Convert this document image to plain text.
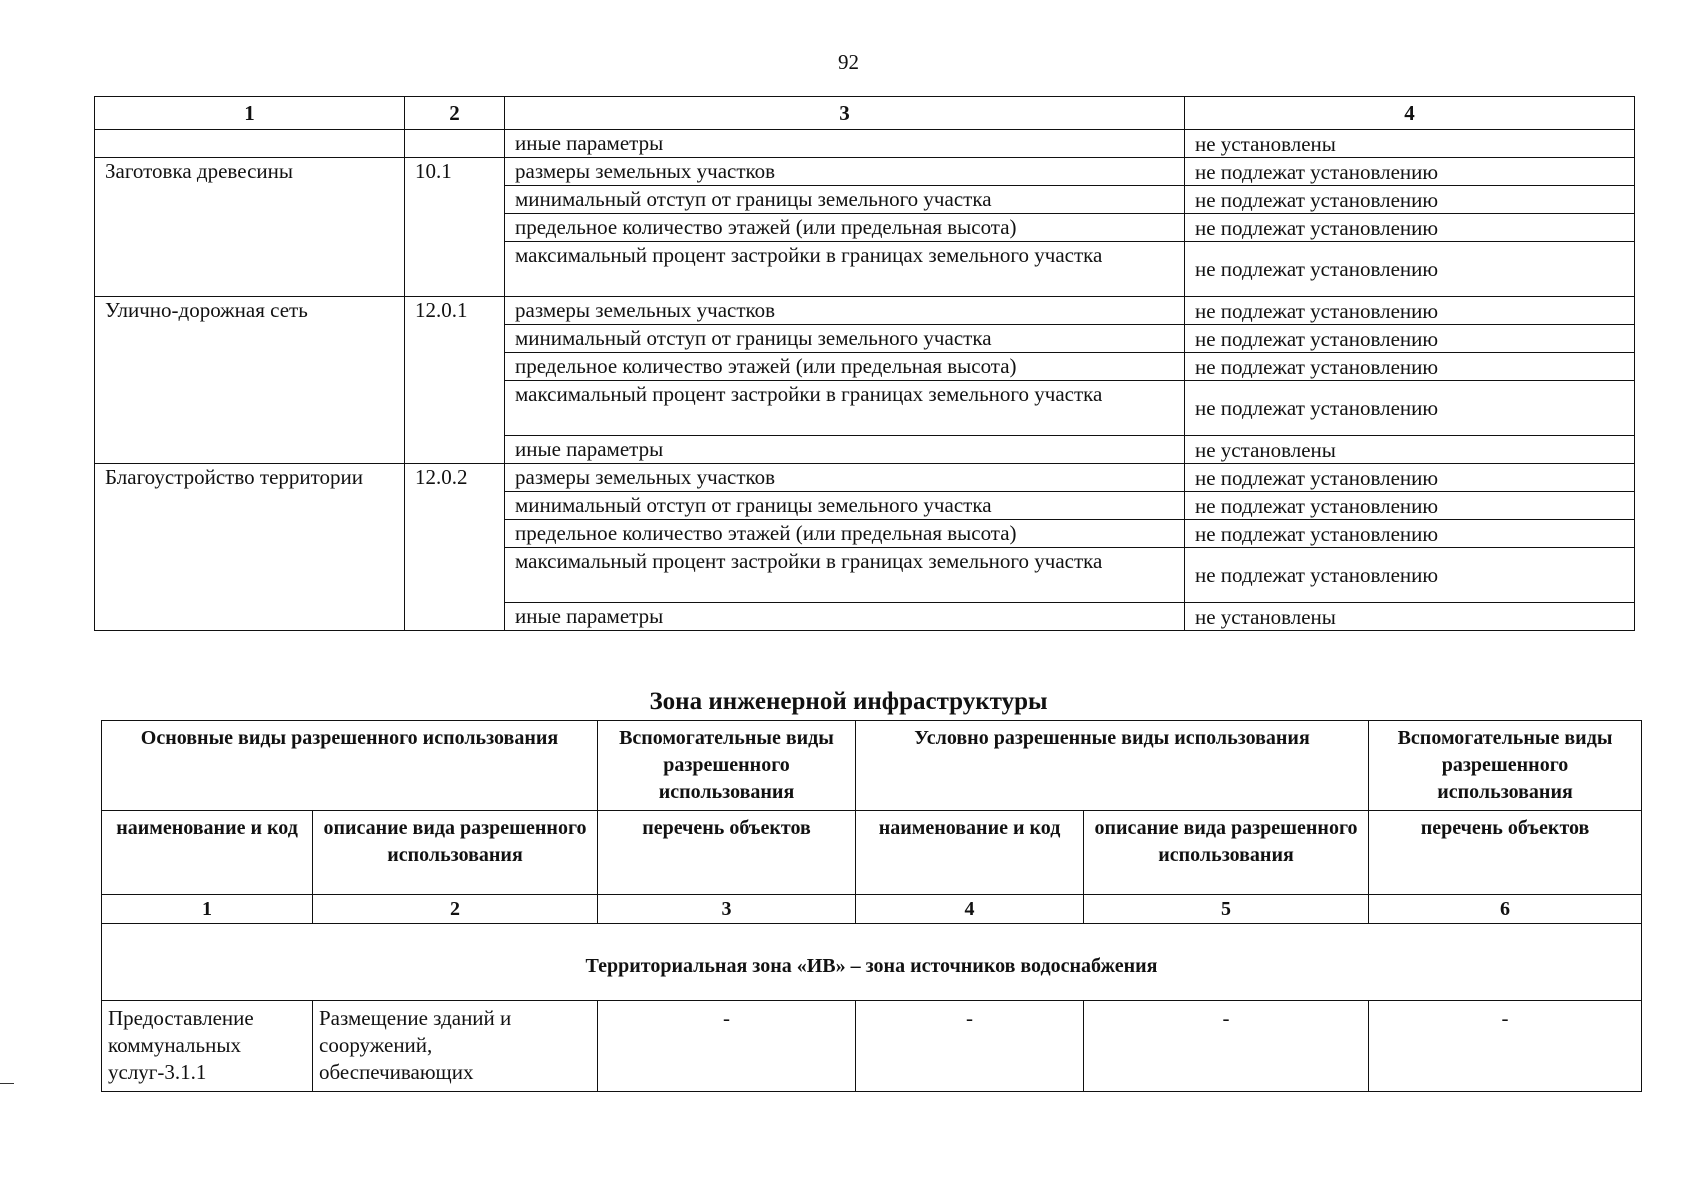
92
1	2	3	4
		иные параметры	не установлены
Заготовка древесины	10.1	размеры земельных участков	не подлежат установлению
		минимальный отступ от границы земельного участка	не подлежат установлению
		предельное количество этажей (или предельная высота)	не подлежат установлению
		максимальный процент застройки в границах земельного участка	не подлежат установлению
Улично-дорожная сеть	12.0.1	размеры земельных участков	не подлежат установлению
		минимальный отступ от границы земельного участка	не подлежат установлению
		предельное количество этажей (или предельная высота)	не подлежат установлению
		максимальный процент застройки в границах земельного участка	не подлежат установлению
		иные параметры	не установлены
Благоустройство территории	12.0.2	размеры земельных участков	не подлежат установлению
		минимальный отступ от границы земельного участка	не подлежат установлению
		предельное количество этажей (или предельная высота)	не подлежат установлению
		максимальный процент застройки в границах земельного участка	не подлежат установлению
		иные параметры	не установлены
Зона инженерной инфраструктуры
Основные виды разрешенного использования		Вспомогательные виды разрешенного использования	Условно разрешенные виды использования		Вспомогательные виды разрешенного использования
наименование и код	описание вида разрешенного использования	перечень объектов	наименование и код	описание вида разрешенного использования	перечень объектов
1	2	3	4	5	6
Территориальная зона «ИВ» – зона источников водоснабжения					
Предоставление коммунальных услуг-3.1.1	Размещение зданий и сооружений, обеспечивающих	-	-	-	-
